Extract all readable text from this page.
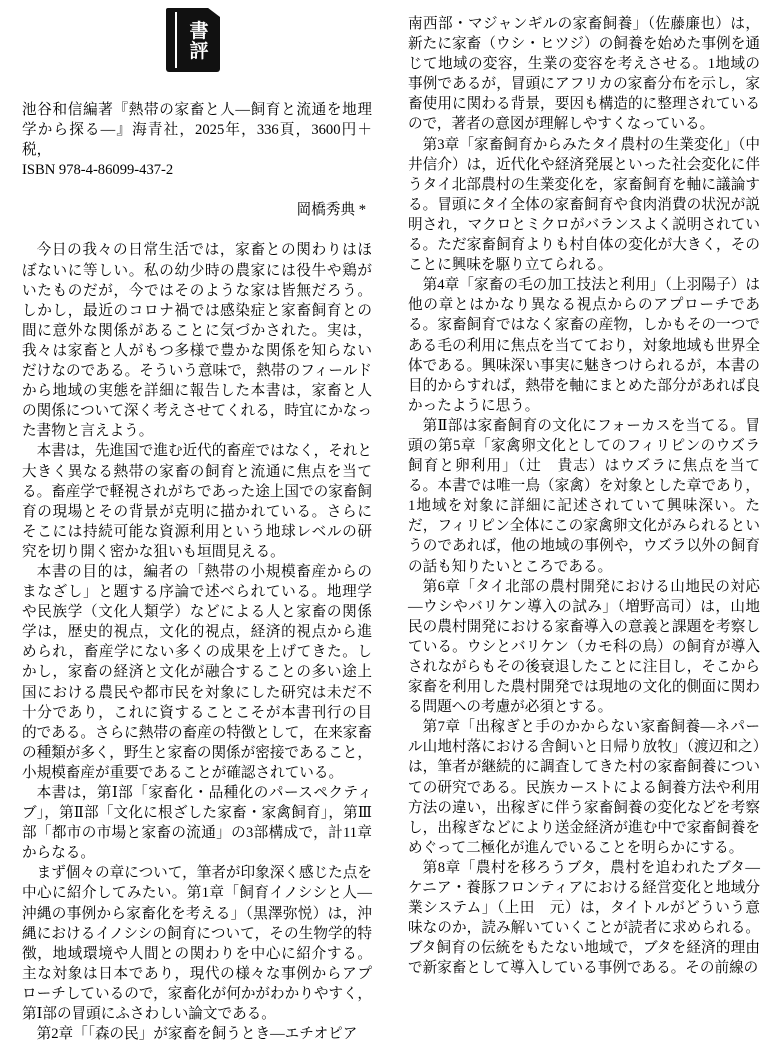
書
評

池谷和信編著『熱帯の家畜と人―飼育と流通を地理学から探る―』海青社，2025年，336頁，3600円＋税，

ISBN 978-4-86099-437-2

岡橋秀典 *

今日の我々の日常生活では，家畜との関わりはほぼないに等しい。私の幼少時の農家には役牛や鶏がいたものだが，今ではそのような家は皆無だろう。しかし，最近のコロナ禍では感染症と家畜飼育との間に意外な関係があることに気づかされた。実は，我々は家畜と人がもつ多様で豊かな関係を知らないだけなのである。そういう意味で，熱帯のフィールドから地域の実態を詳細に報告した本書は，家畜と人の関係について深く考えさせてくれる，時宜にかなった書物と言えよう。

本書は，先進国で進む近代的畜産ではなく，それと大きく異なる熱帯の家畜の飼育と流通に焦点を当てる。畜産学で軽視されがちであった途上国での家畜飼育の現場とその背景が克明に描かれている。さらにそこには持続可能な資源利用という地球レベルの研究を切り開く密かな狙いも垣間見える。

本書の目的は，編者の「熱帯の小規模畜産からのまなざし」と題する序論で述べられている。地理学や民族学（文化人類学）などによる人と家畜の関係学は，歴史的視点，文化的視点，経済的視点から進められ，畜産学にない多くの成果を上げてきた。しかし，家畜の経済と文化が融合することの多い途上国における農民や都市民を対象にした研究は未だ不十分であり，これに資することこそが本書刊行の目的である。さらに熱帯の畜産の特徴として，在来家畜の種類が多く，野生と家畜の関係が密接であること，小規模畜産が重要であることが確認されている。

本書は，第Ⅰ部「家畜化・品種化のパースペクティブ」，第Ⅱ部「文化に根ざした家畜・家禽飼育」，第Ⅲ部「都市の市場と家畜の流通」の3部構成で，計11章からなる。

まず個々の章について，筆者が印象深く感じた点を中心に紹介してみたい。第1章「飼育イノシシと人―沖縄の事例から家畜化を考える」（黒澤弥悦）は，沖縄におけるイノシシの飼育について，その生物学的特徴，地域環境や人間との関わりを中心に紹介する。主な対象は日本であり，現代の様々な事例からアプローチしているので，家畜化が何かがわかりやすく，第Ⅰ部の冒頭にふさわしい論文である。

第2章「「森の民」が家畜を飼うとき―エチオピア

南西部・マジャンギルの家畜飼養」（佐藤廉也）は，新たに家畜（ウシ・ヒツジ）の飼養を始めた事例を通じて地域の変容，生業の変容を考えさせる。1地域の事例であるが，冒頭にアフリカの家畜分布を示し，家畜使用に関わる背景，要因も構造的に整理されているので，著者の意図が理解しやすくなっている。

第3章「家畜飼育からみたタイ農村の生業変化」（中井信介）は，近代化や経済発展といった社会変化に伴うタイ北部農村の生業変化を，家畜飼育を軸に議論する。冒頭にタイ全体の家畜飼育や食肉消費の状況が説明され，マクロとミクロがバランスよく説明されている。ただ家畜飼育よりも村自体の変化が大きく，そのことに興味を駆り立てられる。

第4章「家畜の毛の加工技法と利用」（上羽陽子）は他の章とはかなり異なる視点からのアプローチである。家畜飼育ではなく家畜の産物，しかもその一つである毛の利用に焦点を当てており，対象地域も世界全体である。興味深い事実に魅きつけられるが，本書の目的からすれば，熱帯を軸にまとめた部分があれば良かったように思う。

第Ⅱ部は家畜飼育の文化にフォーカスを当てる。冒頭の第5章「家禽卵文化としてのフィリピンのウズラ飼育と卵利用」（辻　貴志）はウズラに焦点を当てる。本書では唯一鳥（家禽）を対象とした章であり，1地域を対象に詳細に記述されていて興味深い。ただ，フィリピン全体にこの家禽卵文化がみられるというのであれば，他の地域の事例や，ウズラ以外の飼育の話も知りたいところである。

第6章「タイ北部の農村開発における山地民の対応―ウシやバリケン導入の試み」（増野高司）は，山地民の農村開発における家畜導入の意義と課題を考察している。ウシとバリケン（カモ科の鳥）の飼育が導入されながらもその後衰退したことに注目し，そこから家畜を利用した農村開発では現地の文化的側面に関わる問題への考慮が必須とする。

第7章「出稼ぎと手のかからない家畜飼養―ネパール山地村落における舎飼いと日帰り放牧」（渡辺和之）は，筆者が継続的に調査してきた村の家畜飼養についての研究である。民族カーストによる飼養方法や利用方法の違い，出稼ぎに伴う家畜飼養の変化などを考察し，出稼ぎなどにより送金経済が進む中で家畜飼養をめぐって二極化が進んでいることを明らかにする。

第8章「農村を移ろうブタ，農村を追われたブタ―ケニア・養豚フロンティアにおける経営変化と地域分業システム」（上田　元）は，タイトルがどういう意味なのか，読み解いていくことが読者に求められる。ブタ飼育の伝統をもたない地域で，ブタを経済的理由で新家畜として導入している事例である。その前線の
